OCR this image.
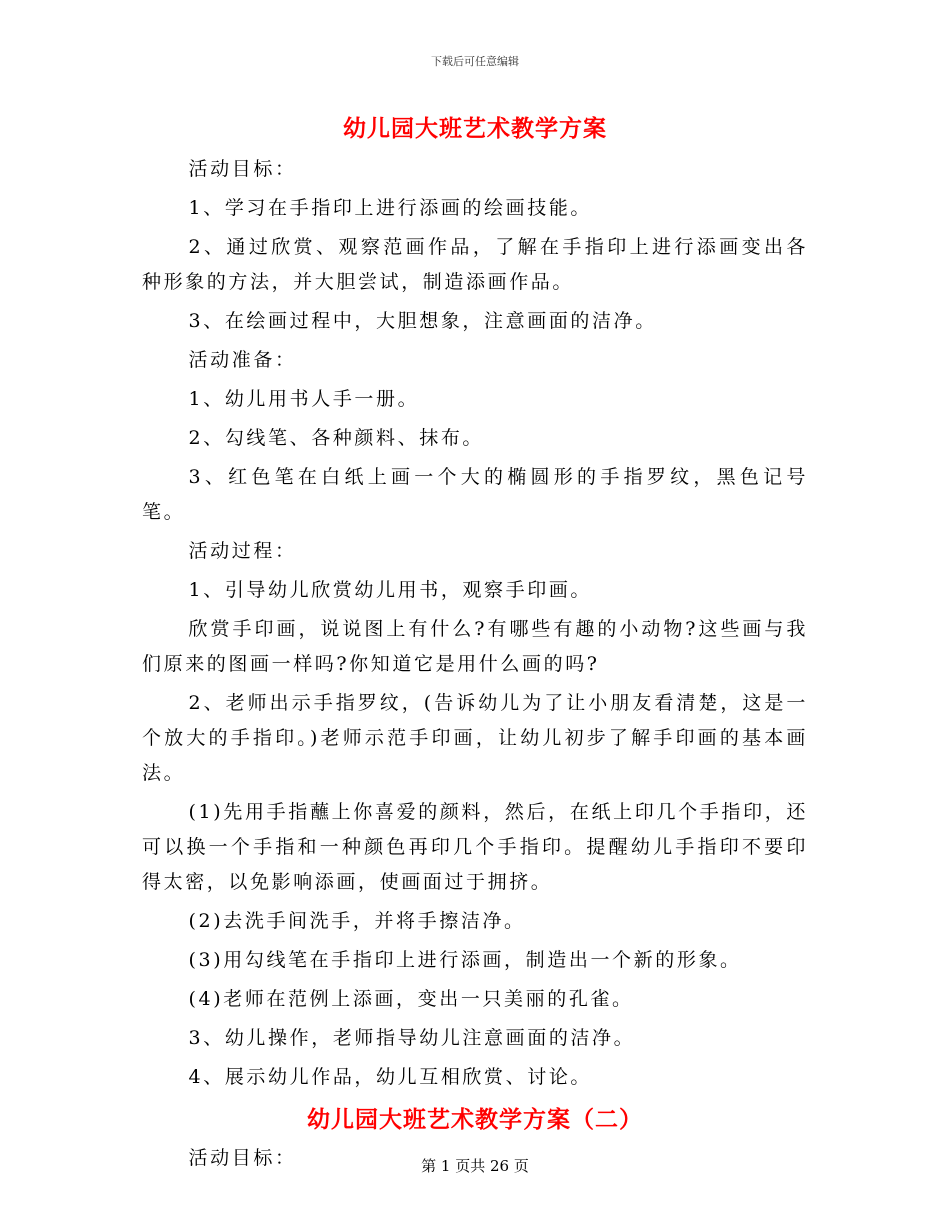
下载后可任意编辑
幼儿园大班艺术教学方案

活动目标：

1、学习在手指印上进行添画的绘画技能。

2、通过欣赏、观察范画作品，了解在手指印上进行添画变出各种形象的方法，并大胆尝试，制造添画作品。

3、在绘画过程中，大胆想象，注意画面的洁净。

活动准备：

1、幼儿用书人手一册。

2、勾线笔、各种颜料、抹布。

3、红色笔在白纸上画一个大的椭圆形的手指罗纹，黑色记号笔。

活动过程：

1、引导幼儿欣赏幼儿用书，观察手印画。

欣赏手印画，说说图上有什么?有哪些有趣的小动物?这些画与我们原来的图画一样吗?你知道它是用什么画的吗?

2、老师出示手指罗纹，(告诉幼儿为了让小朋友看清楚，这是一个放大的手指印。)老师示范手印画，让幼儿初步了解手印画的基本画法。

(1)先用手指蘸上你喜爱的颜料，然后，在纸上印几个手指印，还可以换一个手指和一种颜色再印几个手指印。提醒幼儿手指印不要印得太密，以免影响添画，使画面过于拥挤。

(2)去洗手间洗手，并将手擦洁净。

(3)用勾线笔在手指印上进行添画，制造出一个新的形象。

(4)老师在范例上添画，变出一只美丽的孔雀。

3、幼儿操作，老师指导幼儿注意画面的洁净。

4、展示幼儿作品，幼儿互相欣赏、讨论。

幼儿园大班艺术教学方案（二）

活动目标：	第 1 页共 26 页
